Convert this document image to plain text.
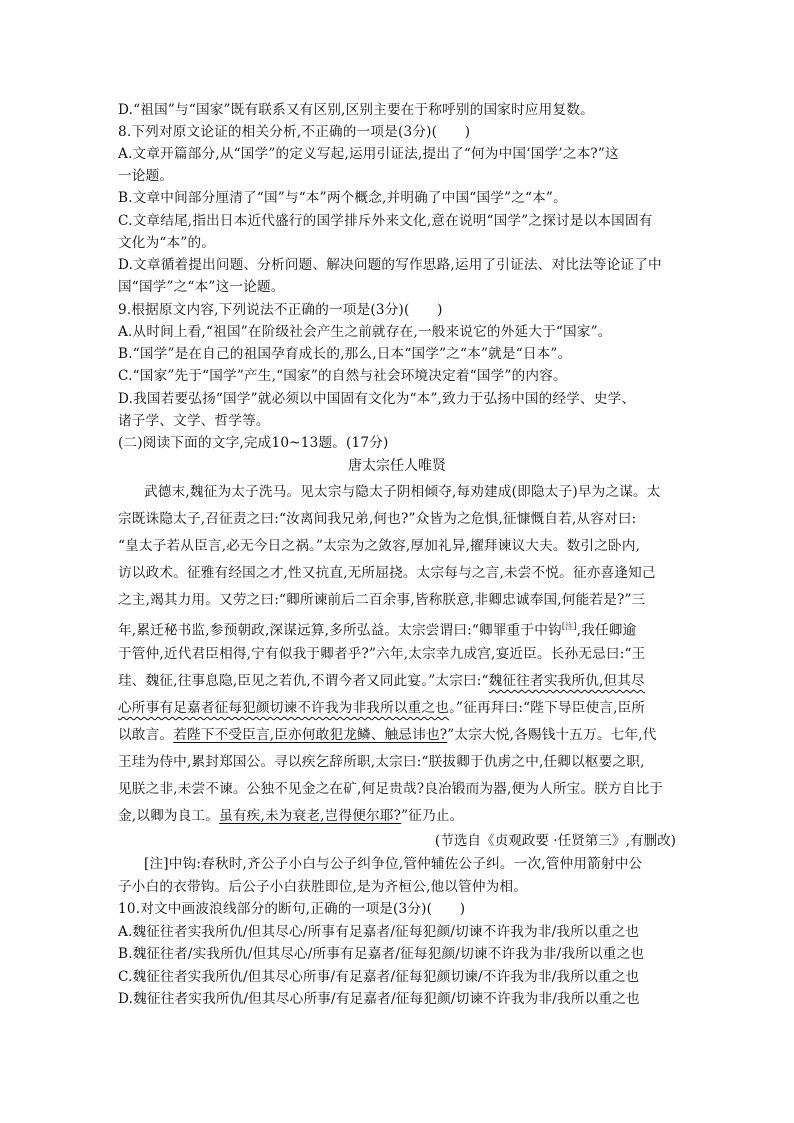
D.“祖国”与“国家”既有联系又有区别,区别主要在于称呼别的国家时应用复数。
8.下列对原文论证的相关分析,不正确的一项是(3分)(　　)
A.文章开篇部分,从“国学”的定义写起,运用引证法,提出了“何为中国‘国学’之本?”这
一论题。
B.文章中间部分厘清了“国”与“本”两个概念,并明确了中国“国学”之“本”。
C.文章结尾,指出日本近代盛行的国学排斥外来文化,意在说明“国学”之探讨是以本国固有
文化为“本”的。
D.文章循着提出问题、分析问题、解决问题的写作思路,运用了引证法、对比法等论证了中
国“国学”之“本”这一论题。
9.根据原文内容,下列说法不正确的一项是(3分)(　　)
A.从时间上看,“祖国”在阶级社会产生之前就存在,一般来说它的外延大于“国家”。
B.“国学”是在自己的祖国孕育成长的,那么,日本“国学”之“本”就是“日本”。
C.“国家”先于“国学”产生,“国家”的自然与社会环境决定着“国学”的内容。
D.我国若要弘扬“国学”就必须以中国固有文化为“本”,致力于弘扬中国的经学、史学、
诸子学、文学、哲学等。
(二)阅读下面的文字,完成10~13题。(17分)
唐太宗任人唯贤
武德末,魏征为太子洗马。见太宗与隐太子阴相倾夺,每劝建成(即隐太子)早为之谋。太
宗既诛隐太子,召征责之曰:“汝离间我兄弟,何也?”众皆为之危惧,征慷慨自若,从容对曰:
“皇太子若从臣言,必无今日之祸。”太宗为之敛容,厚加礼异,擢拜谏议大夫。数引之卧内,
访以政术。征雅有经国之才,性又抗直,无所屈挠。太宗每与之言,未尝不悦。征亦喜逢知己
之主,竭其力用。又劳之曰:“卿所谏前后二百余事,皆称朕意,非卿忠诚奉国,何能若是?”三
年,累迁秘书监,参预朝政,深谋远算,多所弘益。太宗尝谓曰:“卿罪重于中钩[注],我任卿逾
于管仲,近代君臣相得,宁有似我于卿者乎?”六年,太宗幸九成宫,宴近臣。长孙无忌曰:“王
珪、魏征,往事息隐,臣见之若仇,不谓今者又同此宴。”太宗曰:“魏征往者实我所仇,但其尽
心所事有足嘉者征每犯颜切谏不许我为非我所以重之也。”征再拜曰:“陛下导臣使言,臣所
以敢言。若陛下不受臣言,臣亦何敢犯龙鳞、触忌讳也?”太宗大悦,各赐钱十五万。七年,代
王珪为侍中,累封郑国公。寻以疾乞辞所职,太宗曰:“朕拔卿于仇虏之中,任卿以枢要之职,
见朕之非,未尝不谏。公独不见金之在矿,何足贵哉?良冶锻而为器,便为人所宝。朕方自比于
金,以卿为良工。虽有疾,未为衰老,岂得便尔耶?”征乃止。
(节选自《贞观政要 ·任贤第三》,有删改)
[注]中钩:春秋时,齐公子小白与公子纠争位,管仲辅佐公子纠。一次,管仲用箭射中公
子小白的衣带钩。后公子小白获胜即位,是为齐桓公,他以管仲为相。
10.对文中画波浪线部分的断句,正确的一项是(3分)(　　)
A.魏征往者实我所仇/但其尽心/所事有足嘉者/征每犯颜/切谏不许我为非/我所以重之也
B.魏征往者/实我所仇/但其尽心/所事有足嘉者/征每犯颜/切谏不许我为非/我所以重之也
C.魏征往者实我所仇/但其尽心所事/有足嘉者/征每犯颜切谏/不许我为非/我所以重之也
D.魏征往者实我所仇/但其尽心所事/有足嘉者/征每犯颜/切谏不许我为非/我所以重之也
